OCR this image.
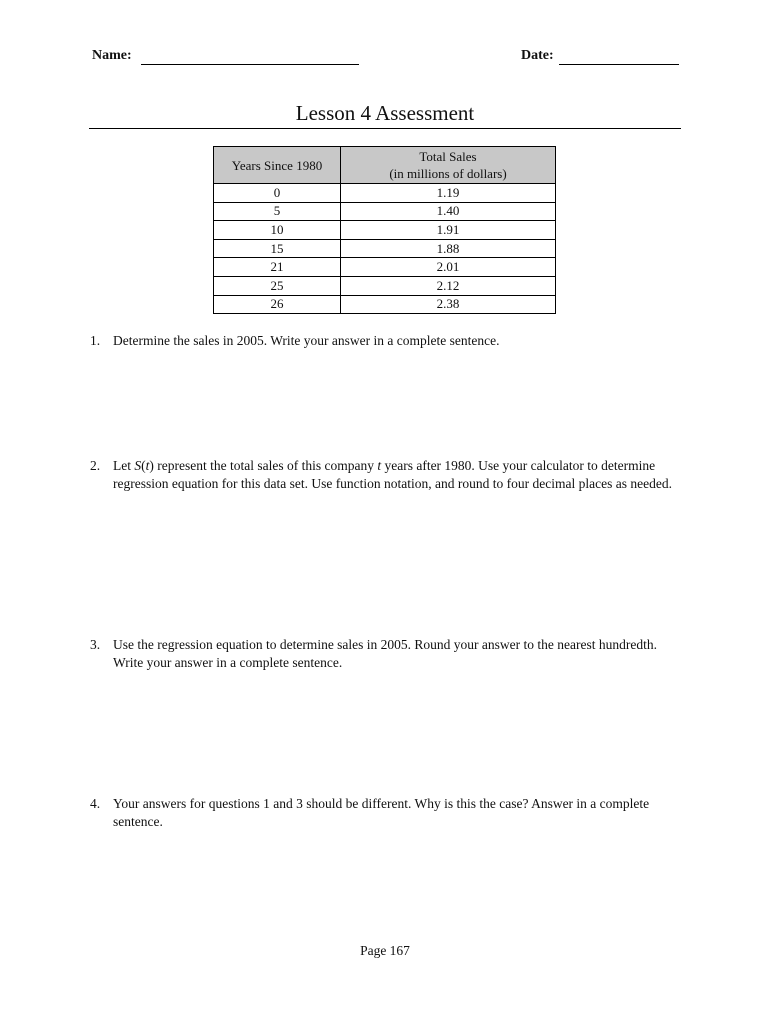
Name:	Date:
Lesson 4 Assessment
Years Since 1980	Total Sales
(in millions of dollars)
0	1.19
5	1.40
10	1.91
15	1.88
21	2.01
25	2.12
26	2.38
1. Determine the sales in 2005. Write your answer in a complete sentence.
2. Let S(t) represent the total sales of this company t years after 1980. Use your calculator to determine regression equation for this data set. Use function notation, and round to four decimal places as needed.
3. Use the regression equation to determine sales in 2005. Round your answer to the nearest hundredth. Write your answer in a complete sentence.
4. Your answers for questions 1 and 3 should be different. Why is this the case? Answer in a complete sentence.
Page 167
